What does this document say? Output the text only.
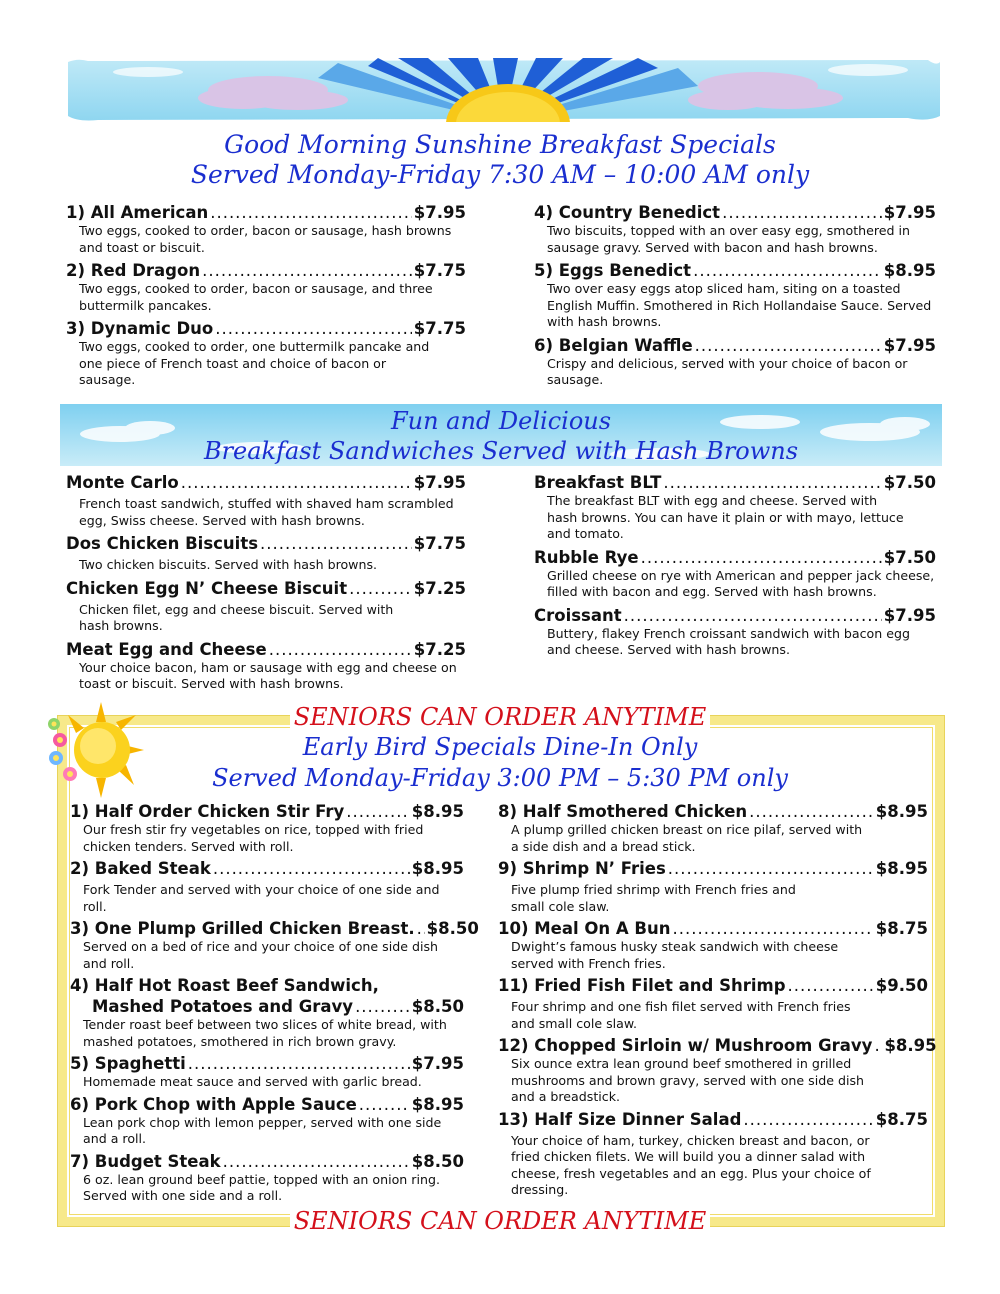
Good Morning Sunshine Breakfast Specials
Served Monday-Friday 7:30 AM – 10:00 AM only
1) All American .....	$7.95
Two eggs, cooked to order, bacon or sausage, hash browns and toast or biscuit.
2) Red Dragon .....	$7.75
Two eggs, cooked to order, bacon or sausage, and three buttermilk pancakes.
3) Dynamic Duo .....	$7.75
Two eggs, cooked to order, one buttermilk pancake and one piece of French toast and choice of bacon or sausage.
4) Country Benedict .....	$7.95
Two biscuits, topped with an over easy egg, smothered in sausage gravy. Served with bacon and hash browns.
5) Eggs Benedict .....	$8.95
Two over easy eggs atop sliced ham, siting on a toasted English Muffin. Smothered in Rich Hollandaise Sauce. Served with hash browns.
6) Belgian Waffle .....	$7.95
Crispy and delicious, served with your choice of bacon or sausage.
Fun and Delicious
Breakfast Sandwiches Served with Hash Browns
Monte Carlo .....	$7.95
French toast sandwich, stuffed with shaved ham scrambled egg, Swiss cheese. Served with hash browns.
Dos Chicken Biscuits .....	$7.75
Two chicken biscuits. Served with hash browns.
Chicken Egg N’ Cheese Biscuit .....	$7.25
Chicken filet, egg and cheese biscuit. Served with hash browns.
Meat Egg and Cheese .....	$7.25
Your choice bacon, ham or sausage with egg and cheese on toast or biscuit. Served with hash browns.
Breakfast BLT .....	$7.50
The breakfast BLT with egg and cheese. Served with hash browns. You can have it plain or with mayo, lettuce and tomato.
Rubble Rye .....	$7.50
Grilled cheese on rye with American and pepper jack cheese, filled with bacon and egg. Served with hash browns.
Croissant .....	$7.95
Buttery, flakey French croissant sandwich with bacon egg and cheese. Served with hash browns.
SENIORS CAN ORDER ANYTIME
Early Bird Specials Dine-In Only
Served Monday-Friday 3:00 PM – 5:30 PM only
1) Half Order Chicken Stir Fry .....	$8.95
Our fresh stir fry vegetables on rice, topped with fried chicken tenders. Served with roll.
2) Baked Steak .....	$8.95
Fork Tender and served with your choice of one side and roll.
3) One Plump Grilled Chicken Breast. ..... $8.50
Served on a bed of rice and your choice of one side dish and roll.
4) Half Hot Roast Beef Sandwich,
Mashed Potatoes and Gravy .....	$8.50
Tender roast beef between two slices of white bread, with mashed potatoes, smothered in rich brown gravy.
5) Spaghetti .....	$7.95
Homemade meat sauce and served with garlic bread.
6) Pork Chop with Apple Sauce .....	$8.95
Lean pork chop with lemon pepper, served with one side and a roll.
7) Budget Steak .....	$8.50
6 oz. lean ground beef pattie, topped with an onion ring. Served with one side and a roll.
8) Half Smothered Chicken .....	$8.95
A plump grilled chicken breast on rice pilaf, served with a side dish and a bread stick.
9) Shrimp N’ Fries .....	$8.95
Five plump fried shrimp with French fries and small cole slaw.
10) Meal On A Bun .....	$8.75
Dwight’s famous husky steak sandwich with cheese served with French fries.
11) Fried Fish Filet and Shrimp .....	$9.50
Four shrimp and one fish filet served with French fries and small cole slaw.
12) Chopped Sirloin w/ Mushroom Gravy ..... $8.95
Six ounce extra lean ground beef smothered in grilled mushrooms and brown gravy, served with one side dish and a breadstick.
13) Half Size Dinner Salad .....	$8.75
Your choice of ham, turkey, chicken breast and bacon, or fried chicken filets. We will build you a dinner salad with cheese, fresh vegetables and an egg. Plus your choice of dressing.
SENIORS CAN ORDER ANYTIME
